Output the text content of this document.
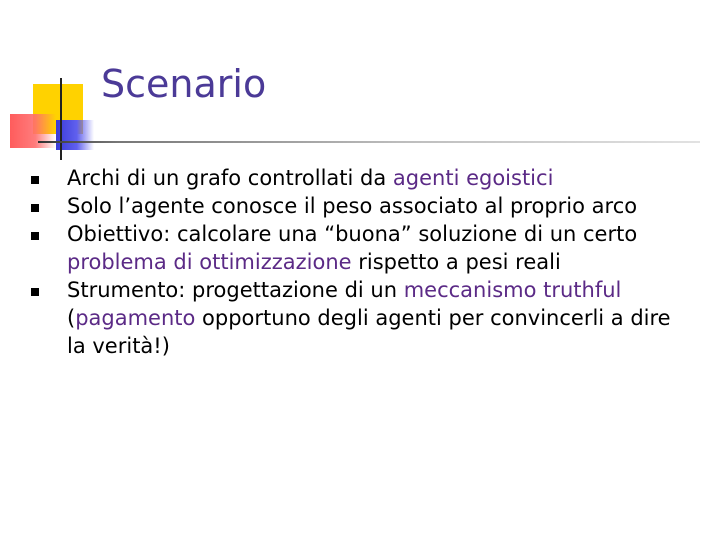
Scenario
Archi di un grafo controllati da agenti egoistici
Solo l’agente conosce il peso associato al proprio arco
Obiettivo: calcolare una “buona” soluzione di un certo problema di ottimizzazione rispetto a pesi reali
Strumento: progettazione di un meccanismo truthful (pagamento opportuno degli agenti per convincerli a dire la verità!)
